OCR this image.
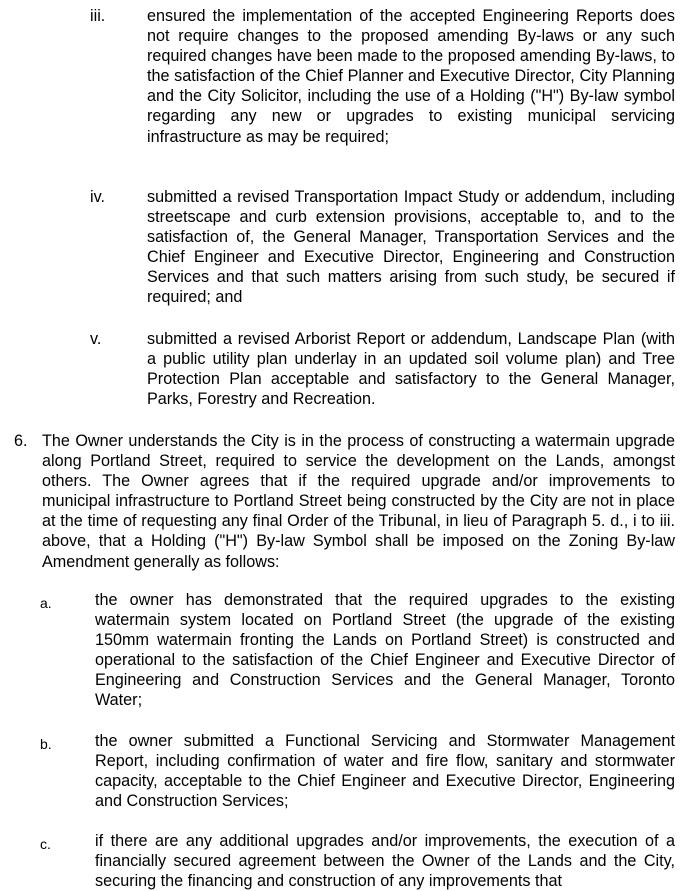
iii.	ensured the implementation of the accepted Engineering Reports does not require changes to the proposed amending By-laws or any such required changes have been made to the proposed amending By-laws, to the satisfaction of the Chief Planner and Executive Director, City Planning and the City Solicitor, including the use of a Holding ("H") By-law symbol regarding any new or upgrades to existing municipal servicing infrastructure as may be required;
iv.	submitted a revised Transportation Impact Study or addendum, including streetscape and curb extension provisions, acceptable to, and to the satisfaction of, the General Manager, Transportation Services and the Chief Engineer and Executive Director, Engineering and Construction Services and that such matters arising from such study, be secured if required; and
v.	submitted a revised Arborist Report or addendum, Landscape Plan (with a public utility plan underlay in an updated soil volume plan) and Tree Protection Plan acceptable and satisfactory to the General Manager, Parks, Forestry and Recreation.
6. The Owner understands the City is in the process of constructing a watermain upgrade along Portland Street, required to service the development on the Lands, amongst others. The Owner agrees that if the required upgrade and/or improvements to municipal infrastructure to Portland Street being constructed by the City are not in place at the time of requesting any final Order of the Tribunal, in lieu of Paragraph 5. d., i to iii. above, that a Holding ("H") By-law Symbol shall be imposed on the Zoning By-law Amendment generally as follows:
a.	the owner has demonstrated that the required upgrades to the existing watermain system located on Portland Street (the upgrade of the existing 150mm watermain fronting the Lands on Portland Street) is constructed and operational to the satisfaction of the Chief Engineer and Executive Director of Engineering and Construction Services and the General Manager, Toronto Water;
b.	the owner submitted a Functional Servicing and Stormwater Management Report, including confirmation of water and fire flow, sanitary and stormwater capacity, acceptable to the Chief Engineer and Executive Director, Engineering and Construction Services;
c.	if there are any additional upgrades and/or improvements, the execution of a financially secured agreement between the Owner of the Lands and the City, securing the financing and construction of any improvements that
